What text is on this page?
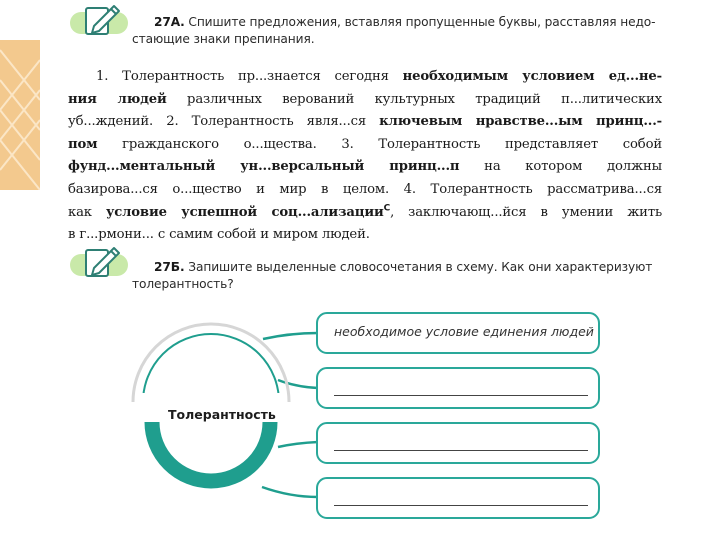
27А. Спишите предложения, вставляя пропущенные буквы, расставляя недо-
стающие знаки препинания.
1. Толерантность пр...знается сегодня необходимым условием ед...не-
ния людей различных верований культурных традиций п...литических
уб...ждений. 2. Толерантность явля...ся ключевым нравстве...ым принц...-
пом гражданского о...щества. 3. Толерантность представляет собой
фунд...ментальный ун...версальный принц...п на котором должны
базирова...ся о...щество и мир в целом. 4. Толерантность рассматрива...ся
как условие успешной соц...ализации$^С$, заключающ...йся в умении жить
в г...рмони... с самим собой и миром людей.
27Б. Запишите выделенные словосочетания в схему. Как они характеризуют
толерантность?
Толерантность
необходимое условие единения людей
